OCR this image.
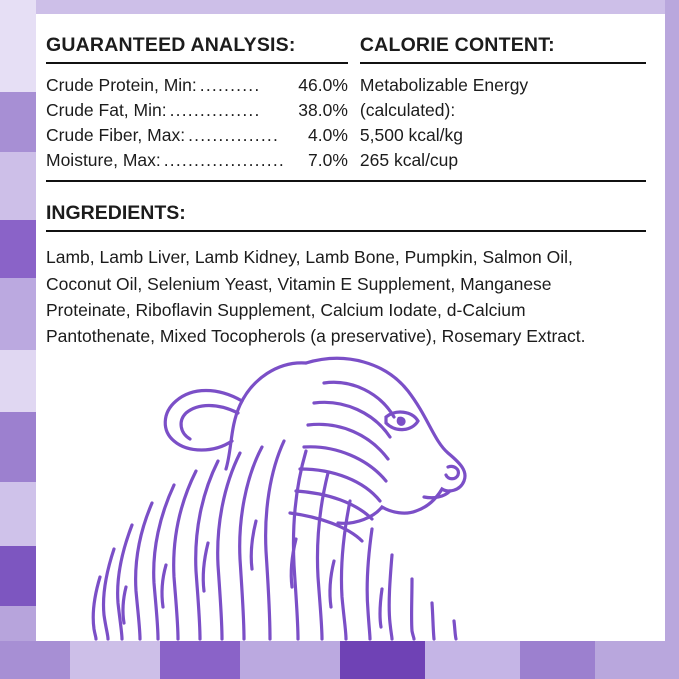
GUARANTEED ANALYSIS:
Crude Protein, Min: ..........	46.0%
Crude Fat, Min: ...............	38.0%
Crude Fiber, Max: ...............	4.0%
Moisture, Max: ....................	7.0%
CALORIE CONTENT:
Metabolizable Energy
(calculated):
5,500 kcal/kg
265 kcal/cup
INGREDIENTS:
Lamb, Lamb Liver, Lamb Kidney, Lamb Bone, Pumpkin, Salmon Oil, Coconut Oil, Selenium Yeast, Vitamin E Supplement, Manganese Proteinate, Riboflavin Supplement, Calcium Iodate, d-Calcium Pantothenate, Mixed Tocopherols (a preservative), Rosemary Extract.
